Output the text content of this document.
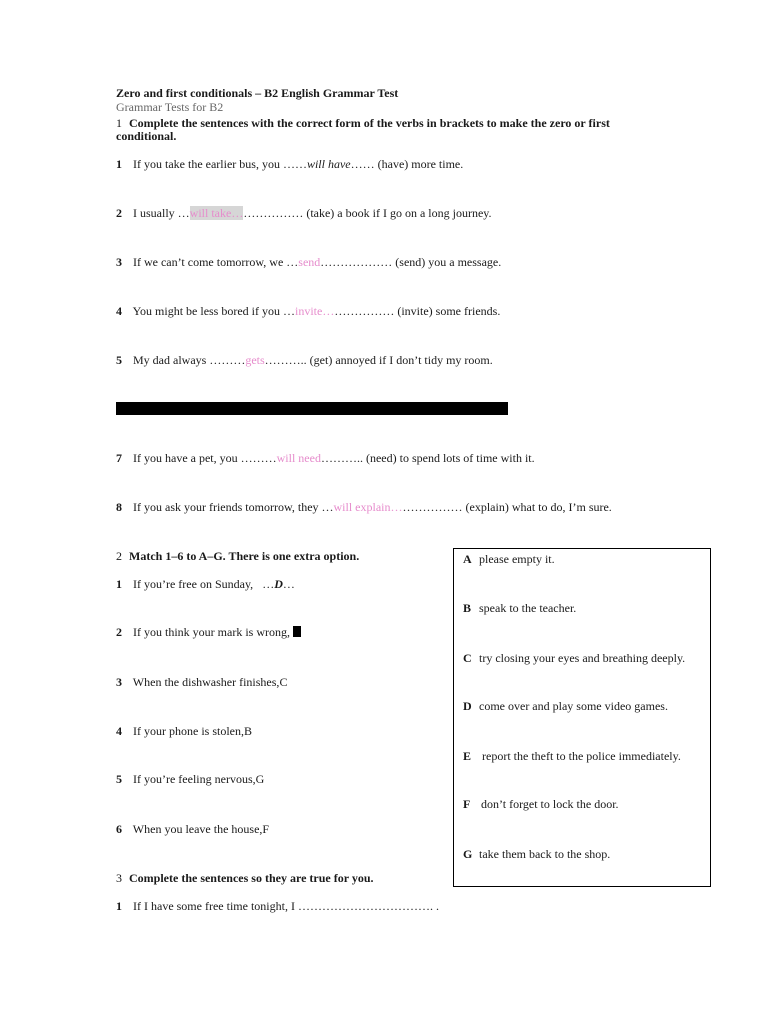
Zero and first conditionals – B2 English Grammar Test
Grammar Tests for B2
1 Complete the sentences with the correct form of the verbs in brackets to make the zero or first conditional.
1 If you take the earlier bus, you ……will have…… (have) more time.
2 I usually …will take……………… (take) a book if I go on a long journey.
3 If we can’t come tomorrow, we …send……………… (send) you a message.
4 You might be less bored if you …invite……………… (invite) some friends.
5 My dad always ………gets……….. (get) annoyed if I don’t tidy my room.
7 If you have a pet, you ………will need……….. (need) to spend lots of time with it.
8 If you ask your friends tomorrow, they …will explain……………… (explain) what to do, I’m sure.
2 Match 1–6 to A–G. There is one extra option.
1 If you’re free on Sunday, …D…
2 If you think your mark is wrong,
3 When the dishwasher finishes,C
4 If your phone is stolen,B
5 If you’re feeling nervous,G
6 When you leave the house,F
A please empty it.
B speak to the teacher.
C try closing your eyes and breathing deeply.
D come over and play some video games.
E report the theft to the police immediately.
F don’t forget to lock the door.
G take them back to the shop.
3 Complete the sentences so they are true for you.
1 If I have some free time tonight, I ……………………………. .
